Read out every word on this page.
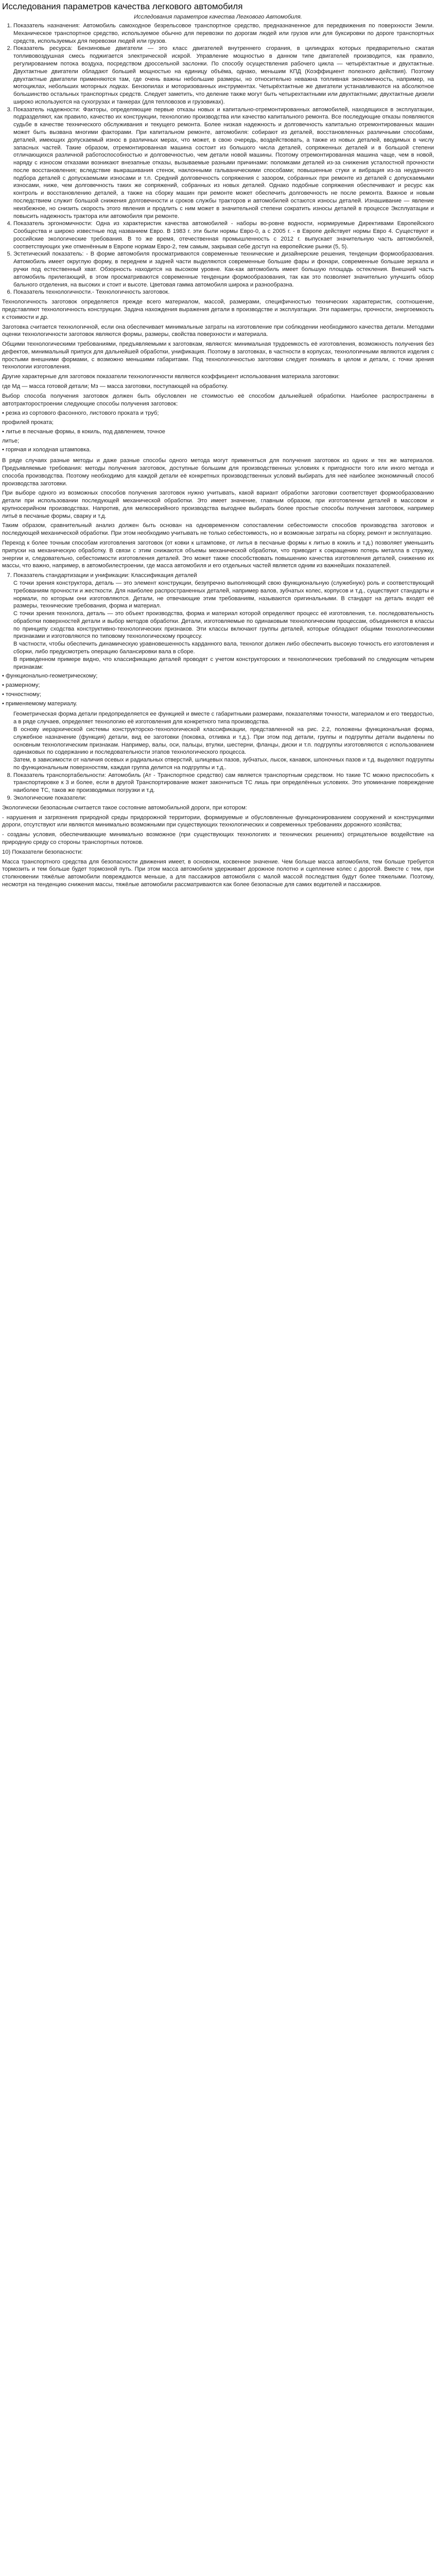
Исследования параметров качества легкового автомобиля
Исследования параметров качества Легкового Автомобиля.
1. Показатель назначения: Автомобиль самоходное безрельсовое транспортное средство, предназначенное для передвижения по поверхности Земли. Механическое транспортное средство, используемое обычно для перевозки по дорогам людей или грузов или для буксировки по дороге транспортных средств, используемых для перевозки людей или грузов.
2. Показатель ресурса: Бензиновые двигатели — это класс двигателей внутреннего сгорания, в цилиндрах которых предварительно сжатая топливовоздушная смесь поджигается электрической искрой. Управление мощностью в данном типе двигателей производится, как правило, регулированием потока воздуха, посредством дроссельной заслонки. По способу осуществления рабочего цикла — четырёхтактные и двухтактные. Двухтактные двигатели обладают большей мощностью на единицу объёма, однако, меньшим КПД (Коэффициент полезного действия). Поэтому двухтактные двигатели применяются там, где очень важны небольшие размеры, но относительно неважна топливная экономичность, например, на мотоциклах, небольших моторных лодках. Бензопилах и моторизованных инструментах. Четырёхтактные же двигатели устанавливаются на абсолютное большинство остальных транспортных средств. Следует заметить, что деление также могут быть четырехтактными или двухтактными; двухтактные дизели широко используются на сухогрузах и танкерах (для тепловозов и грузовиках).
3. Показатель надежности: Факторы, определяющие первые отказы новых и капитально-отремонтированных автомобилей, находящихся в эксплуатации, подразделяют, как правило, качество их конструкции, технологию производства или качество капитального ремонта. Все последующие отказы появляются судьбе в качестве технического обслуживания и текущего ремонта. Более низкая надежность и долговечность капитально отремонтированных машин может быть вызвана многими факторами. При капитальном ремонте, автомобиля: собирают из деталей, восстановленных различными способами, деталей, имеющих допускаемый износ в различных мерах, что может, в свою очередь, воздействовать, а также из новых деталей, вводимых в числу запасных частей. Такие образом, отремонтированная машина состоит из большого числа деталей, сопряженных деталей и в большой степени отличающихся различной работоспособностью и долговечностью, чем детали новой машины. Поэтому отремонтированная машина чаще, чем в новой, наряду с износом отказами возникают внезапные отказы, вызываемые разными причинами: поломками деталей из-за снижения усталостной прочности после восстановления; вследствие выкрашивания стенок, наклонными гальваническими способами; повышенные стуки и вибрация из-за неудачного подбора деталей с допускаемыми износами и т.п. Средний долговечность сопряжения с зазором, собранных при ремонте из деталей с допускаемыми износами, ниже, чем долговечность таких же сопряжений, собранных из новых деталей. Однако подобные сопряжения обеспечивают и ресурс как контроль и восстановлению деталей, а также на сборку машин при ремонте может обеспечить долговечность не после ремонта. Важное и новым последствием служит большой снижения долговечности и сроков службы тракторов и автомобилей остаются износы деталей. Изнашивание — явление неизбежное, но снизить скорость этого явления и продлить с ним может в значительной степени сократить износы деталей в процессе Эксплуатации и повысить надежность трактора или автомобиля при ремонте.
4. Показатель эргономичности: Одна из характеристик качества автомобилей - наборы во-ровне водности, нормируемые Директивами Европейского Сообщества и широко известные под названием Евро. В 1983 г. эти были нормы Евро-0, а с 2005 г. - в Европе действует нормы Евро 4. Существуют и российские экологические требования. В то же время, отечественная промышленность с 2012 г. выпускает значительную часть автомобилей, соответствующих уже отменённым в Европе нормам Евро-2, тем самым, закрывая себе доступ на европейские рынки (5, 5).
5. Эстетический показатель: - В форме автомобиля просматриваются современные технические и дизайнерские решения, тенденции формообразования. Автомобиль имеет округлую форму, в переднем и задней части выделяются современные большие фары и фонари, современные большие зеркала и ручки под естественный хват. Обзорность находится на высоком уровне. Как-как автомобиль имеет большую площадь остекления. Внешний часть автомобиль прилегающий, в этом просматриваются современные тенденции формообразования, так как это позволяет значительно улучшить обзор бального отделения, на высоких и стоит и высоте. Цветовая гамма автомобиля широка и разнообразна.
6. Показатель технологичности.- Технологичность заготовок.
Технологичность заготовок определяется прежде всего материалом, массой, размерами, специфичностью технических характеристик, соотношение, представляют технологичность конструкции. Задача нахождения выражения детали в производстве и эксплуатации. Эти параметры, прочности, энергоемкость к стоимости и др.
Заготовка считается технологичной, если она обеспечивает минимальные затраты на изготовление при соблюдении необходимого качества детали. Методами оценки технологичности заготовок являются формы, размеры, свойства поверхности и материала.
Общими технологическими требованиями, предъявляемыми к заготовкам, являются: минимальная трудоемкость её изготовления, возможность получения без дефектов, минимальный припуск для дальнейшей обработки, унификация. Поэтому в заготовках, в частности в корпусах, технологичными являются изделия с простыми внешними формами, с возможно меньшими габаритами. Под технологичностью заготовки следует понимать в целом и детали, с точки зрения технологии изготовления.
Другие характерные для заготовок показатели технологичности являются коэффициент использования материала заготовки:
где Мд — масса готовой детали; Мз — масса заготовки, поступающей на обработку.
Выбор способа получения заготовок должен быть обусловлен не стоимостью её способом дальнейшей обработки. Наиболее распространены в автотракторостроении следующие способы получения заготовок:
• резка из сортового фасонного, листового проката и труб;
профилей проката;
• литье в песчаные формы, в кокиль, под давлением, точное
литье;
• горячая и холодная штамповка.
В ряде случаях разные методы и даже разные способы одного метода могут применяться для получения заготовок из одних и тех же материалов. Предъявляемые требования: методы получения заготовок, доступные большим для производственных условиях к пригодности того или иного метода и способа производства. Поэтому необходимо для каждой детали её конкретных производственных условий выбирать для неё наиболее экономичный способ производства заготовки.
При выборе одного из возможных способов получения заготовок нужно учитывать, какой вариант обработки заготовки соответствует формообразованию детали при использовании последующей механической обработки. Это имеет значение, главным образом, при изготовлении деталей в массовом и крупносерийном производствах. Напротив, для мелкосерийного производства выгоднее выбирать более простые способы получения заготовок, например литьё в песчаные формы, сварку и т.д.
Таким образом, сравнительный анализ должен быть основан на одновременном сопоставлении себестоимости способов производства заготовок и последующей механической обработки. При этом необходимо учитывать не только себестоимость, но и возможные затраты на сборку, ремонт и эксплуатацию.
Переход к более точным способам изготовления заготовок (от ковки к штамповке, от литья в песчаные формы к литью в кокиль и т.д.) позволяет уменьшить припуски на механическую обработку. В связи с этим снижаются объемы механической обработки, что приводит к сокращению потерь металла в стружку, энергии и, следовательно, себестоимости изготовления деталей. Это может также способствовать повышению качества изготовления деталей, снижению их массы, что важно, например, в автомобилестроении, где масса автомобиля и его отдельных частей является одним из важнейших показателей.
7. Показатель стандартизации и унификации: Классификация деталей
1. С точки зрения конструктора, деталь — это элемент конструкции, безупречно выполняющий свою функциональную (служебную) роль и соответствующий требованиям прочности и жесткости. Для наиболее распространенных деталей, например валов, зубчатых колес, корпусов и т.д., существуют стандарты и нормали, по которым они изготовляются. Детали, не отвечающие этим требованиям, называются оригинальными. В стандарт на деталь входят её размеры, технические требования, форма и материал.
2. С точки зрения технолога, деталь — это объект производства, форма и материал которой определяют процесс её изготовления, т.е. последовательность обработки поверхностей детали и выбор методов обработки. Детали, изготовляемые по одинаковым технологическим процессам, объединяются в классы по принципу сходства конструктивно-технологических признаков. Эти классы включают группы деталей, которые обладают общими технологическими признаками и изготовляются по типовому технологическому процессу.
3. В частности, чтобы обеспечить динамическую уравновешенность карданного вала, технолог должен либо обеспечить высокую точность его изготовления и сборки, либо предусмотреть операцию балансировки вала в сборе.
4. В приведенном примере видно, что классификацию деталей проводят с учетом конструкторских и технологических требований по следующим четырем признакам:
• функционально-геометрическому;
• размерному;
• точностному;
• применяемому материалу.
1. Геометрическая форма детали предопределяется ее функцией и вместе с габаритными размерами, показателями точности, материалом и его твердостью, а в ряде случаев, определяет технологию её изготовления для конкретного типа производства.
2. В основу иерархической системы конструкторско-технологической классификации, представленной на рис. 2.2, положены функциональная форма, служебное назначение (функция) детали, вид ее заготовки (поковка, отливка и т.д.). При этом под детали, группы и подгруппы детали выделены по основным технологическим признакам. Например, валы, оси, пальцы, втулки, шестерни, фланцы, диски и т.п. подгруппы изготовляются с использованием одинаковых по содержанию и последовательности этапов технологического процесса.
3. Затем, в зависимости от наличия осевых и радиальных отверстий, шлицевых пазов, зубчатых, лысок, канавок, шпоночных пазов и т.д. выделяют подгруппы по функциональным поверхностям, каждая группа делится на подгруппы и т.д..
8. Показатель транспортабельности: Автомобиль (Ат - Транспортное средство) сам является транспортным средством. Но такие ТС можно приспособить к транспортировке к 3 и более, если в другой Транспортирование может закончиться ТС лишь при определённых условиях. Это упоминание повреждение наиболее ТС, таков же производимых погрузки и т.д.
9. Экологические показатели:
Экологически безопасным считается такое состояние автомобильной дороги, при котором:
- нарушения и загрязнения природной среды придорожной территории, формируемые и обусловленные функционированием сооружений и конструкциями дороги, отсутствуют или являются минимально возможными при существующих технологических и современных требованиях дорожного хозяйства;
- созданы условия, обеспечивающие минимально возможное (при существующих технологиях и технических решениях) отрицательное воздействие на природную среду со стороны транспортных потоков.
10) Показатели безопасности:
Масса транспортного средства для безопасности движения имеет, в основном, косвенное значение. Чем больше масса автомобиля, тем больше требуется тормозить и тем больше будет тормозной путь. При этом масса автомобиля удерживает дорожное полотно и сцепление колес с дорогой. Вместе с тем, при столкновении тяжёлые автомобили повреждаются меньше, а для пассажиров автомобиля с малой массой последствия будут более тяжелыми. Поэтому, несмотря на тенденцию снижения массы, тяжёлые автомобили рассматриваются как более безопасные для самих водителей и пассажиров.
